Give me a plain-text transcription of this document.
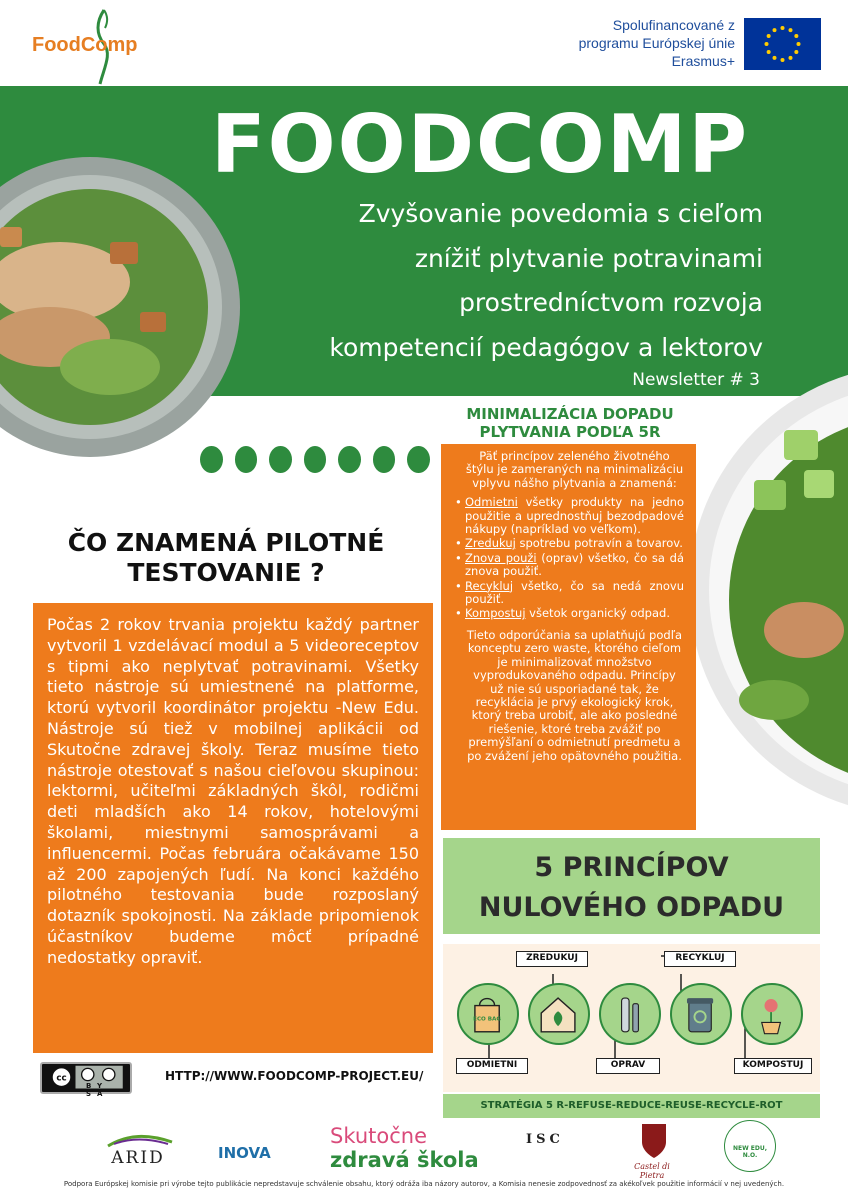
FoodComp
Spolufinancované z
programu Európskej únie
Erasmus+
FOODCOMP
Zvyšovanie povedomia s cieľom
znížiť plytvanie potravinami
prostredníctvom rozvoja
kompetencií pedagógov a lektorov
Newsletter # 3
ČO ZNAMENÁ PILOTNÉ
TESTOVANIE ?
Počas 2 rokov trvania projektu každý partner vytvoril 1 vzdelávací modul a 5 videoreceptov s tipmi ako neplytvať potravinami. Všetky tieto nástroje sú umiestnené na platforme, ktorú vytvoril koordinátor projektu -New Edu. Nástroje sú tiež v mobilnej aplikácii od Skutočne zdravej školy. Teraz musíme tieto nástroje otestovať s našou cieľovou skupinou: lektormi, učiteľmi základných škôl, rodičmi deti mladších ako 14 rokov, hotelovými školami, miestnymi samosprávami a influencermi. Počas februára očakávame 150 až 200 zapojených ľudí. Na konci každého pilotného testovania bude rozposlaný dotazník spokojnosti. Na základe pripomienok účastníkov budeme môcť prípadné nedostatky opraviť.
MINIMALIZÁCIA DOPADU
PLYTVANIA PODĽA 5R

Päť princípov zeleného životného štýlu je zameraných na minimalizáciu vplyvu nášho plytvania a znamená:

• Odmietni všetky produkty na jedno použitie a uprednostňuj bezodpadové nákupy (napríklad vo veľkom).
• Zredukuj spotrebu potravín a tovarov.
• Znova použi (oprav) všetko, čo sa dá znova použiť.
• Recykluj všetko, čo sa nedá znovu použiť.
• Kompostuj všetok organický odpad.

Tieto odporúčania sa uplatňujú podľa konceptu zero waste, ktorého cieľom je minimalizovať množstvo vyprodukovaného odpadu. Princípy už nie sú usporiadané tak, že recyklácia je prvý ekologický krok, ktorý treba urobiť, ale ako posledné riešenie, ktoré treba zvážiť po premýšľaní o odmietnutí predmetu a po zvážení jeho opätovného použitia.

5 PRINCÍPOV
NULOVÉHO ODPADU
ECO BAG
ZREDUKUJ	RECYKLUJ
ODMIETNI	OPRAV	KOMPOSTUJ
STRATÉGIA 5 R-REFUSE-REDUCE-REUSE-RECYCLE-ROT
cc
BY SA
HTTP://WWW.FOODCOMP-PROJECT.EU/
ARID	INOVA
Skutočne
zdravá škola
ISC
Castel di Pietra
NEW EDU, N.O.
Podpora Európskej komisie pri výrobe tejto publikácie nepredstavuje schválenie obsahu, ktorý odráža iba názory autorov, a Komisia nenesie zodpovednosť za akékoľvek použitie informácií v nej uvedených.
